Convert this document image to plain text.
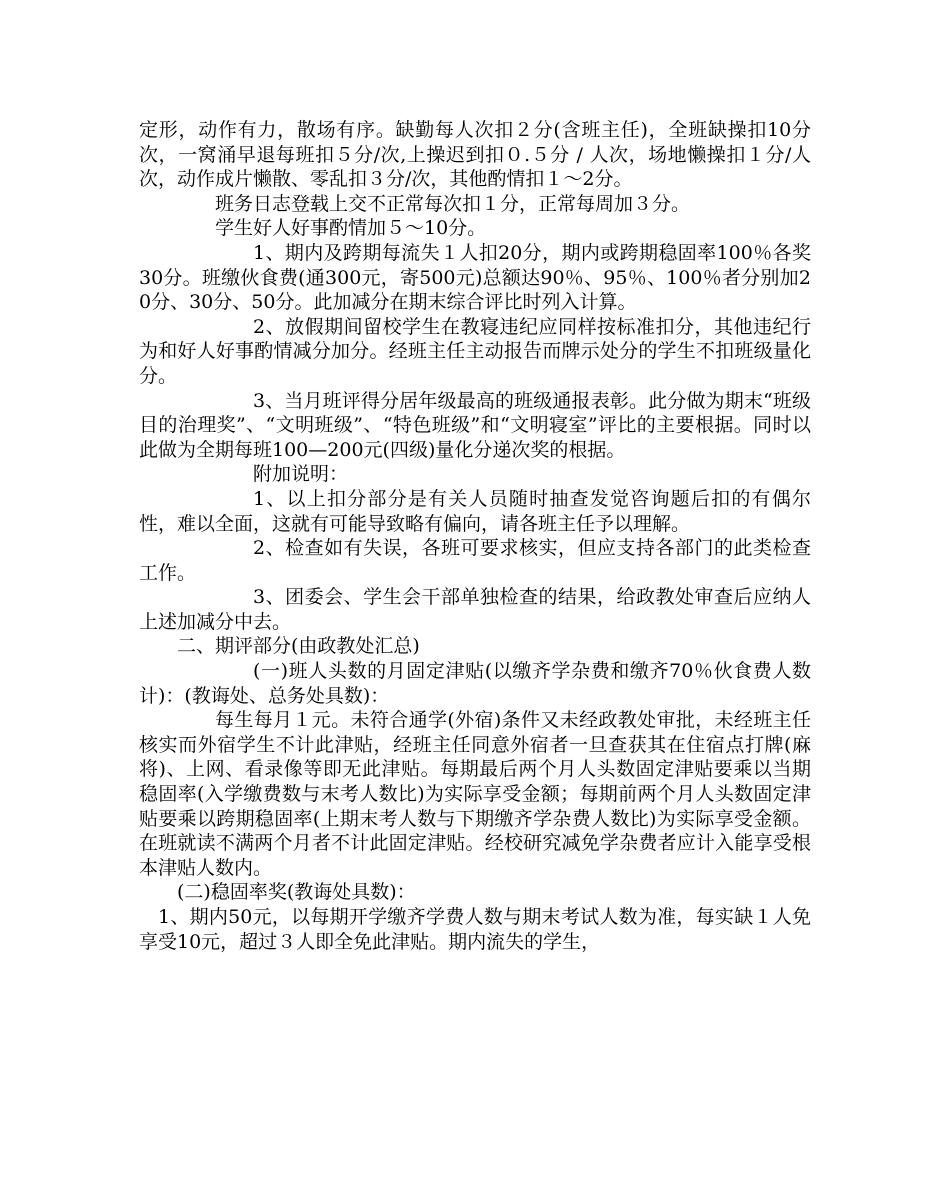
定形，动作有力，散场有序。缺勤每人次扣２分(含班主任)，全班缺操扣10分次，一窝涌早退每班扣５分/次,上操迟到扣０.５分 / 人次，场地懒操扣１分/人次，动作成片懒散、零乱扣３分/次，其他酌情扣１～2分。

班务日志登载上交不正常每次扣１分，正常每周加３分。

学生好人好事酌情加５～10分。

1、期内及跨期每流失１人扣20分，期内或跨期稳固率100％各奖30分。班缴伙食费(通300元，寄500元)总额达90％、95％、100％者分别加20分、30分、50分。此加减分在期末综合评比时列入计算。

2、放假期间留校学生在教寝违纪应同样按标准扣分，其他违纪行为和好人好事酌情减分加分。经班主任主动报告而牌示处分的学生不扣班级量化分。

3、当月班评得分居年级最高的班级通报表彰。此分做为期末“班级目的治理奖”、“文明班级”、“特色班级”和“文明寝室”评比的主要根据。同时以此做为全期每班100—200元(四级)量化分递次奖的根据。

附加说明：

1、以上扣分部分是有关人员随时抽查发觉咨询题后扣的有偶尔性，难以全面，这就有可能导致略有偏向，请各班主任予以理解。

2、检查如有失误，各班可要求核实，但应支持各部门的此类检查工作。

3、团委会、学生会干部单独检查的结果，给政教处审查后应纳人上述加减分中去。

二、期评部分(由政教处汇总)

(一)班人头数的月固定津贴(以缴齐学杂费和缴齐70％伙食费人数计)：(教诲处、总务处具数)：

每生每月１元。未符合通学(外宿)条件又未经政教处审批，未经班主任核实而外宿学生不计此津贴，经班主任同意外宿者一旦查获其在住宿点打牌(麻将)、上网、看录像等即无此津贴。每期最后两个月人头数固定津贴要乘以当期稳固率(入学缴费数与末考人数比)为实际享受金额；每期前两个月人头数固定津贴要乘以跨期稳固率(上期末考人数与下期缴齐学杂费人数比)为实际享受金额。在班就读不满两个月者不计此固定津贴。经校研究减免学杂费者应计入能享受根本津贴人数内。

(二)稳固率奖(教诲处具数)：

1、期内50元，以每期开学缴齐学费人数与期末考试人数为准，每实缺１人免享受10元，超过３人即全免此津贴。期内流失的学生，
